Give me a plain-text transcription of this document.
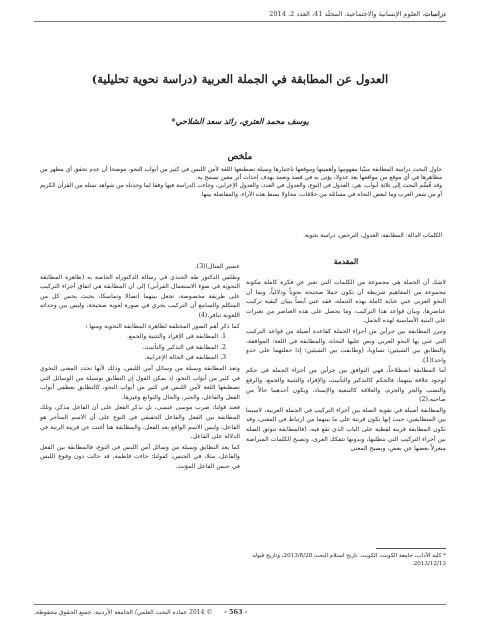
دراسات، العلوم الإنسانية والاجتماعية، المجلّد 41، العدد 2، 2014
العدول عن المطابقة في الجملة العربية (دراسة نحوية تحليلية)
يوسف محمد العتري، رائد سعد الشلاحي*
ملخص

حاول البحث دراسة المطابقة مبيّنا مفهومها وأهميتها وموقعها باعتبارها وسيلة تصطنعها اللغة لأمن اللبس في كثير من أبواب النحو، موضحا أن عدم تحقق أي مظهر من مظاهرها في أي موقع من مواقعها يعد عدولا، يؤتى به في قصد وتعمد بهدف إحداث أثر معين تسمح به.

وقد قُسِّم البحث إلى ثلاثة أبواب، هي: العدول في النوع، والعدول في العدد، والعدول الإعرابي، وجاءت الدراسة فيها وفقا لما وجدناه من شواهد تمثله من القرآن الكريم أو من شعر العرب وما لبعض النحاة في مسائله من خلافات، محاولا بسط هذه الآراء، والمفاضلة بينها.

الكلمات الدالة: المطابقة، العدول، الترخص، دراسة نحوية.
المقدمة

لاشك أن الجملة هي مجموعة من الكلمات التي تعبر عن فكرة كاملة مكونة مجموعة من المفاهيم شريطة أن تكون جملا صحيحة نحوياً ودلالياً، وبما أن النحو العربي عني عناية كاملة بهذه الجملة، فقد عني أيضاً ببيان كيفية تركيب عناصرها، وبيان قواعد هذا التركيب، وما يحصل على هذه العناصر من تغيرات على البنية الأساسية لهذه الجمل.

وتبرز المطابقة بين جزأين من أجزاء الجملة كقاعدة أصيلة من قواعد التركيب التي عني بها النحو العربي ونص عليها النحاة، والمطابقة في اللغة: الموافقة، والتطابق بين الشيئين: تساويا، (وطابقت بين الشيئين: إذا جعلتهما على حذو واحد)(1).

أما المطابقة اصطلاحاً، فهي التوافق بين جزأين من أجزاء الجملة في حكم لوجود علاقة بينهما، فالحكم كالتذكير والتأنيث، والإفراد والتثنية والجمع، والرفع والنصب والجر والجزم، والعلاقة كالتبعية والإسناد، ويكون أحدهما حالاً من صاحبه.(2)

والمطابقة أصيلة في تقوية الصلة بين أجزاء التركيب في الجملة العربية، لاسيما بين المتطابقين، حيث إنها تكون قرينة على ما بينهما من ارتباط في المعنى، وقد تكون المطابقة قرينة لفظية على الباب الذي تقع فيه، (فالمطابقة تتوثق الصلة بين أجزاء التركيب التي تتطلبها، وبدونها تتفكك العرى، وتصبح الكلمات المتراصة منعزلاً بعضها عن بعض، ويصبح المعنى

عسير المنال)(3).

وطلس الدكتور طه الجندي في رسالة الدكتوراه الخاصة به (ظاهرة المطابقة النحوية في ضوء الاستعمال القرآني) إلى أن المطابقة هي اتفاق أجزاء التركيب على طريقة مخصوصة، تجعل بينهما اتصالا وتماسكا، بحيث يحس كل من المتكلم والسامع أن التركيب يجري في صورة لغوية صحيحة، وليس بين وحداته اللغوية تنافر.(4)

كما ذكر أهم الصور المختلفة لظاهرة المطابقة النحوية ومنها :

1. المطابقة في الإفراد والتثنية والجمع.

2. المطابقة في التذكير والتأنيث.

3. المطابقة في الحالة الإعرابية.

وتعد المطابقة وسيلة من وسائل أمن اللبس، وذلك لأنها تحدد المعنى النحوي في كثير من أبواب النحو، إذ يمكن القول إن التطابق بوسيلة من الوسائل التي تصطنعها اللغة لأمن اللبس في كثير من أبواب النحو، كالتطابق بعطفي أبواب الفعل والفاعل، والخبر، والحال والتوابع وغيرها.

فعند قولنا: ضرب موسى عيسى، بل نذكر الفعل على أن الفاعل مذكر، وتلك المطابقة بين الفعل والفاعل الحقيقي في النوع على أن الاسم المتأخر هو الفاعل، وليس الاسم الواقع بعد الفعل، والمطابقة هنا أغنت عن قرينة الرتبة في الدلالة على الفاعل.

كما يعد التطابق وسيلة من وسائل أمن اللبس في النوع، فالمطابقة بين الفعل والفاعل، مثلا، في الجنس، كقولنا: جاءت فاطمة، قد حالت دون وقوع اللبس في جنس الفاعل المؤنث.

* كلية الآداب، جامعة الكويت، الكويت. تاريخ استلام البحث 2013/8/28، وتاريخ قبوله 2013/12/13.
- 563 -
© 2014 عمادة البحث العلمي/ الجامعة الأردنية. جميع الحقوق محفوظة.
